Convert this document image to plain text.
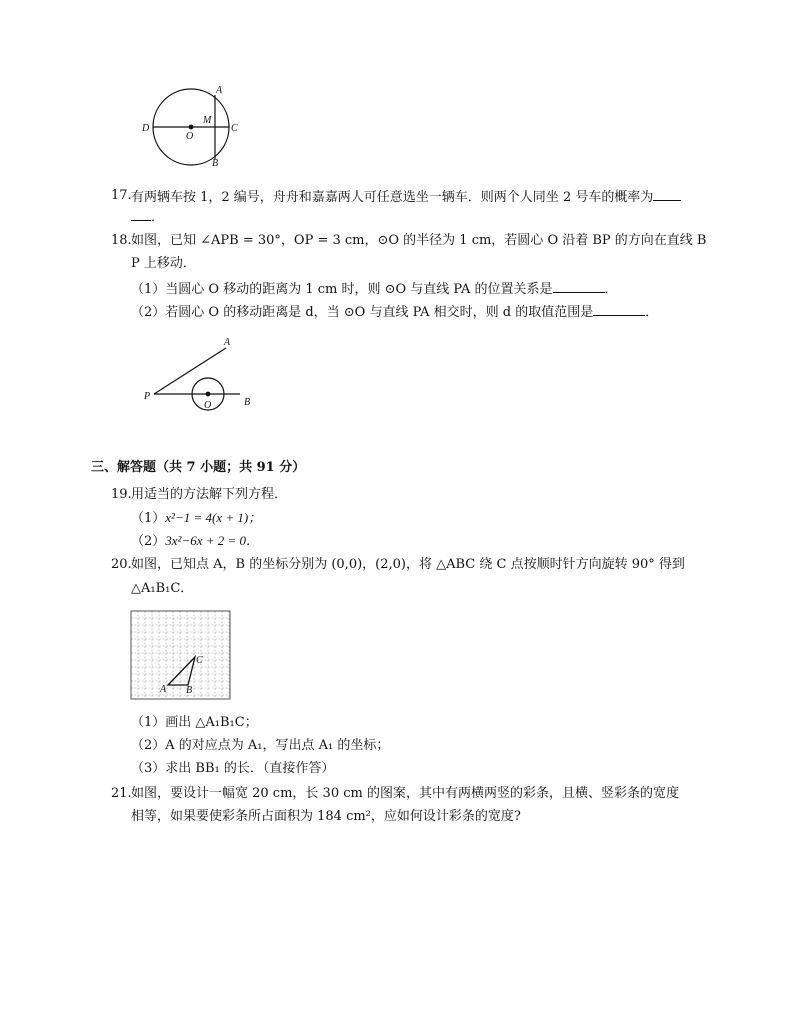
D
O
M
A
C
B
17. 有两辆车按 1，2 编号，舟舟和嘉嘉两人可任意选坐一辆车．则两个人同坐 2 号车的概率为
．
18. 如图，已知 ∠APB = 30°，OP = 3 cm，⊙O 的半径为 1 cm，若圆心 O 沿着 BP 的方向在直线 B
P 上移动．
（1）当圆心 O 移动的距离为 1 cm 时，则 ⊙O 与直线 PA 的位置关系是	．
（2）若圆心 O 的移动距离是 d，当 ⊙O 与直线 PA 相交时，则 d 的取值范围是	．
A
P
O	B
三、解答题（共 7 小题；共 91 分）
19. 用适当的方法解下列方程．
（1）x²−1 = 4(x + 1)；
（2）3x²−6x + 2 = 0．
20. 如图，已知点 A，B 的坐标分别为 (0,0)，(2,0)，将 △ABC 绕 C 点按顺时针方向旋转 90° 得到
△A₁B₁C．
A B
C
（1）画出 △A₁B₁C；
（2）A 的对应点为 A₁，写出点 A₁ 的坐标；
（3）求出 BB₁ 的长．（直接作答）
21. 如图，要设计一幅宽 20 cm，长 30 cm 的图案，其中有两横两竖的彩条，且横、竖彩条的宽度
相等，如果要使彩条所占面积为 184 cm²，应如何设计彩条的宽度?
